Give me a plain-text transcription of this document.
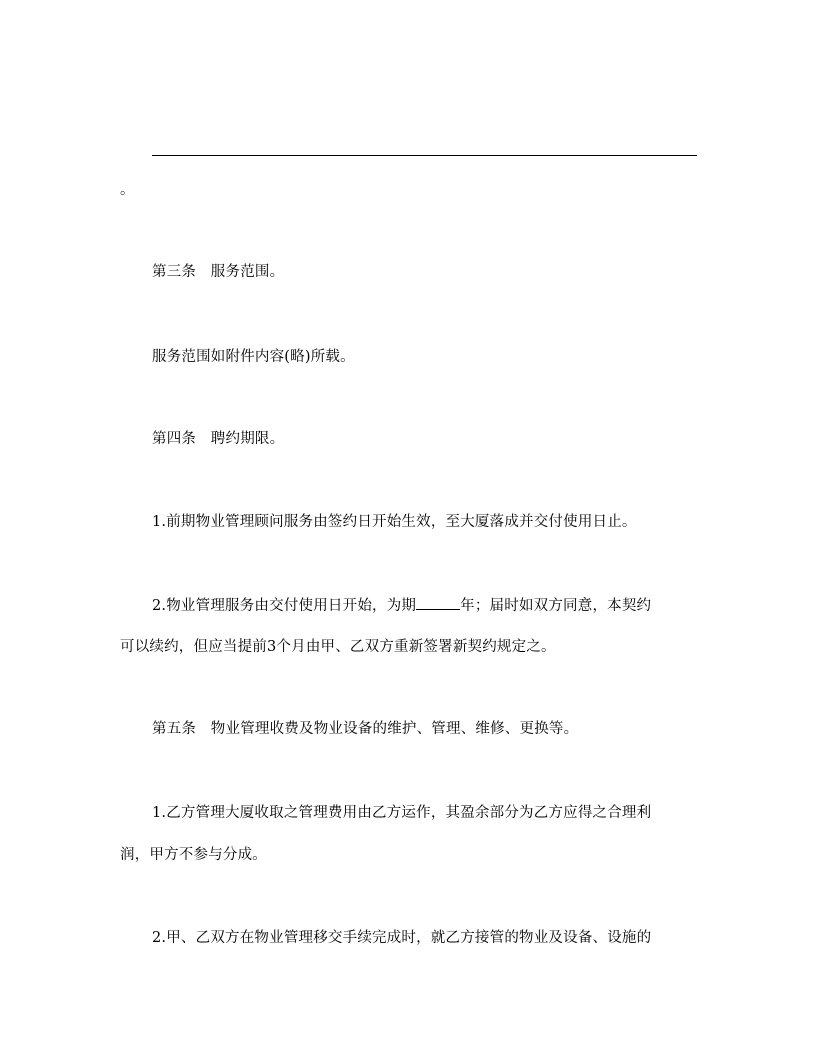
。
第三条　服务范围。
服务范围如附件内容(略)所载。
第四条　聘约期限。
1.前期物业管理顾问服务由签约日开始生效，至大厦落成并交付使用日止。
2.物业管理服务由交付使用日开始，为期	年；届时如双方同意，本契约
可以续约，但应当提前3个月由甲、乙双方重新签署新契约规定之。
第五条　物业管理收费及物业设备的维护、管理、维修、更换等。
1.乙方管理大厦收取之管理费用由乙方运作，其盈余部分为乙方应得之合理利
润，甲方不参与分成。
2.甲、乙双方在物业管理移交手续完成时，就乙方接管的物业及设备、设施的
